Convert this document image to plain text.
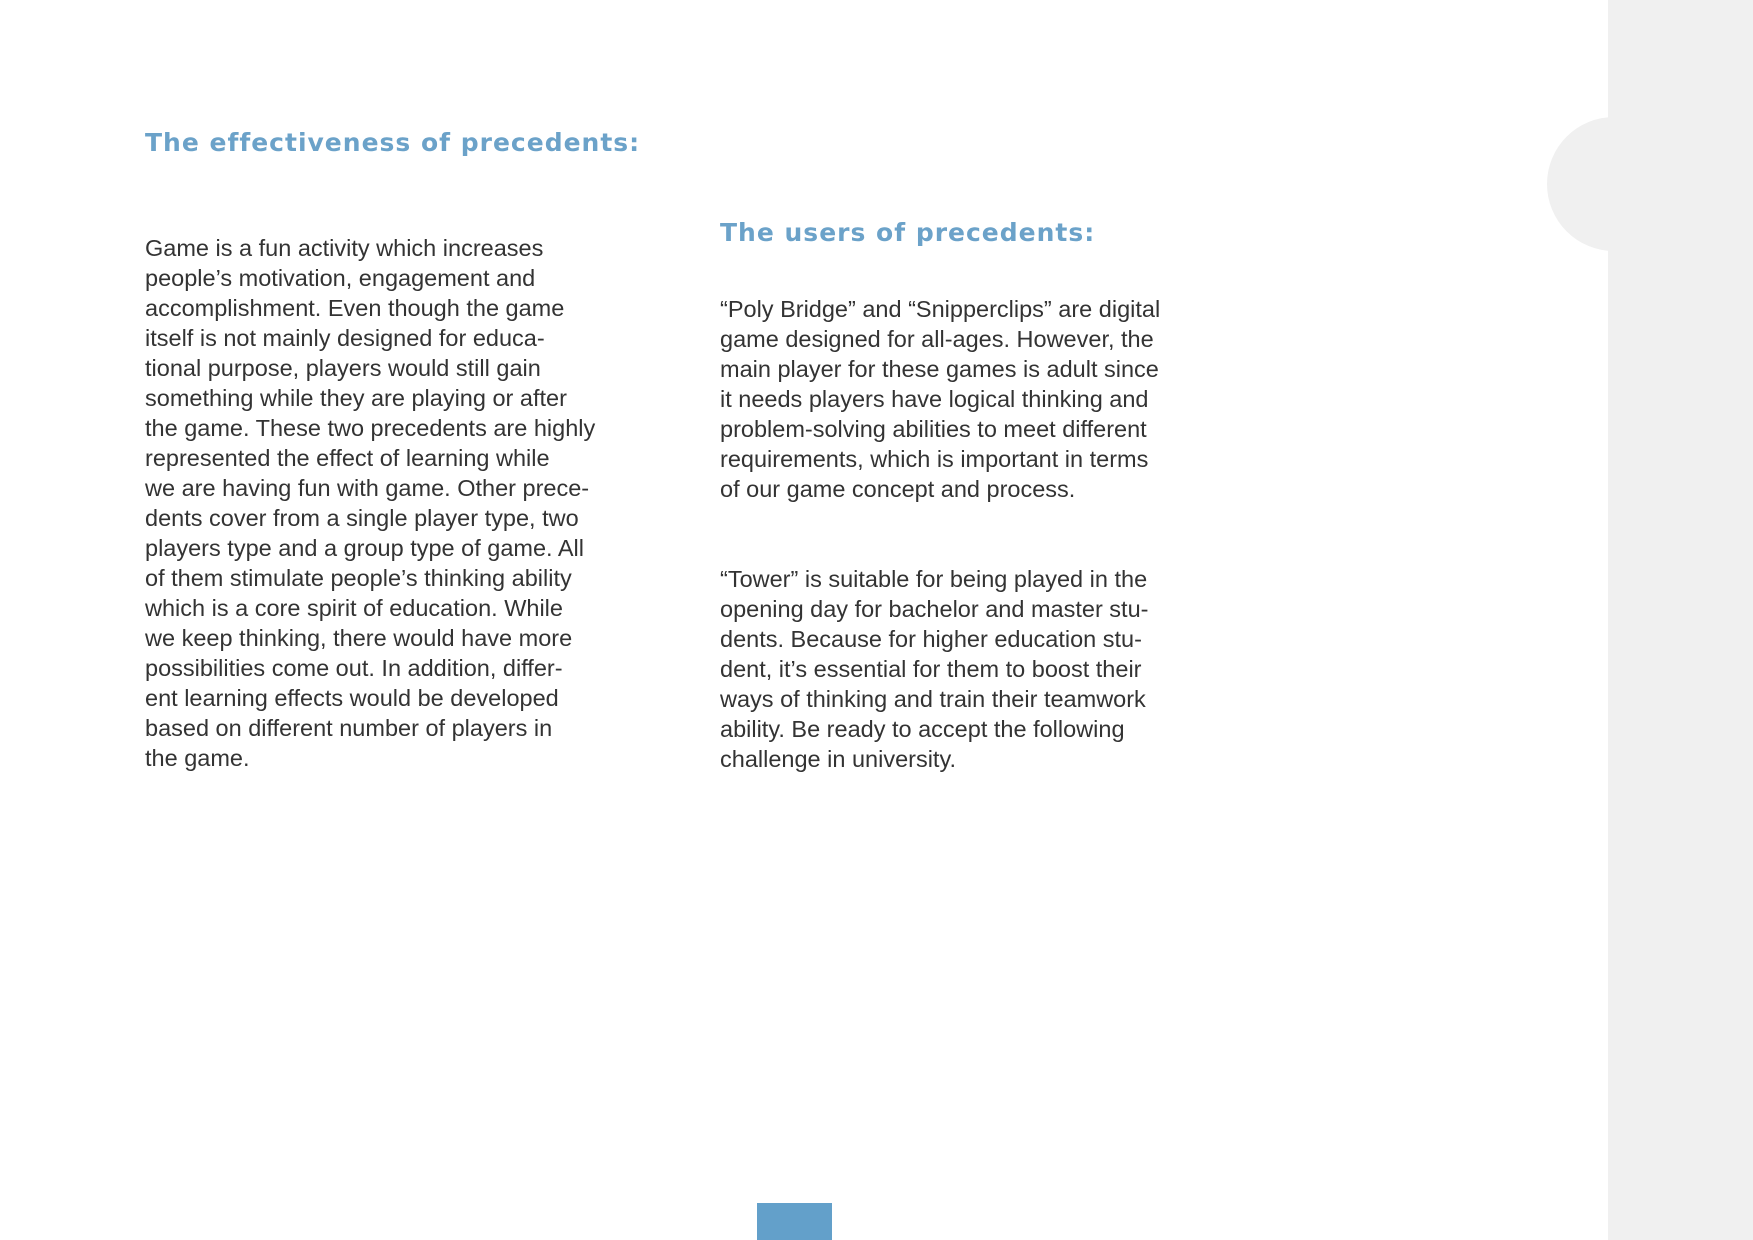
The effectiveness of precedents:

Game is a fun activity which increases
people’s motivation, engagement and
accomplishment. Even though the game
itself is not mainly designed for educa-
tional purpose, players would still gain
something while they are playing or after
the game. These two precedents are highly
represented the effect of learning while
we are having fun with game. Other prece-
dents cover from a single player type, two
players type and a group type of game. All
of them stimulate people’s thinking ability
which is a core spirit of education. While
we keep thinking, there would have more
possibilities come out. In addition, differ-
ent learning effects would be developed
based on different number of players in
the game.

The users of precedents:

“Poly Bridge” and “Snipperclips” are digital
game designed for all-ages. However, the
main player for these games is adult since
it needs players have logical thinking and
problem-solving abilities to meet different
requirements, which is important in terms
of our game concept and process.

“Tower” is suitable for being played in the
opening day for bachelor and master stu-
dents. Because for higher education stu-
dent, it’s essential for them to boost their
ways of thinking and train their teamwork
ability. Be ready to accept the following
challenge in university.
